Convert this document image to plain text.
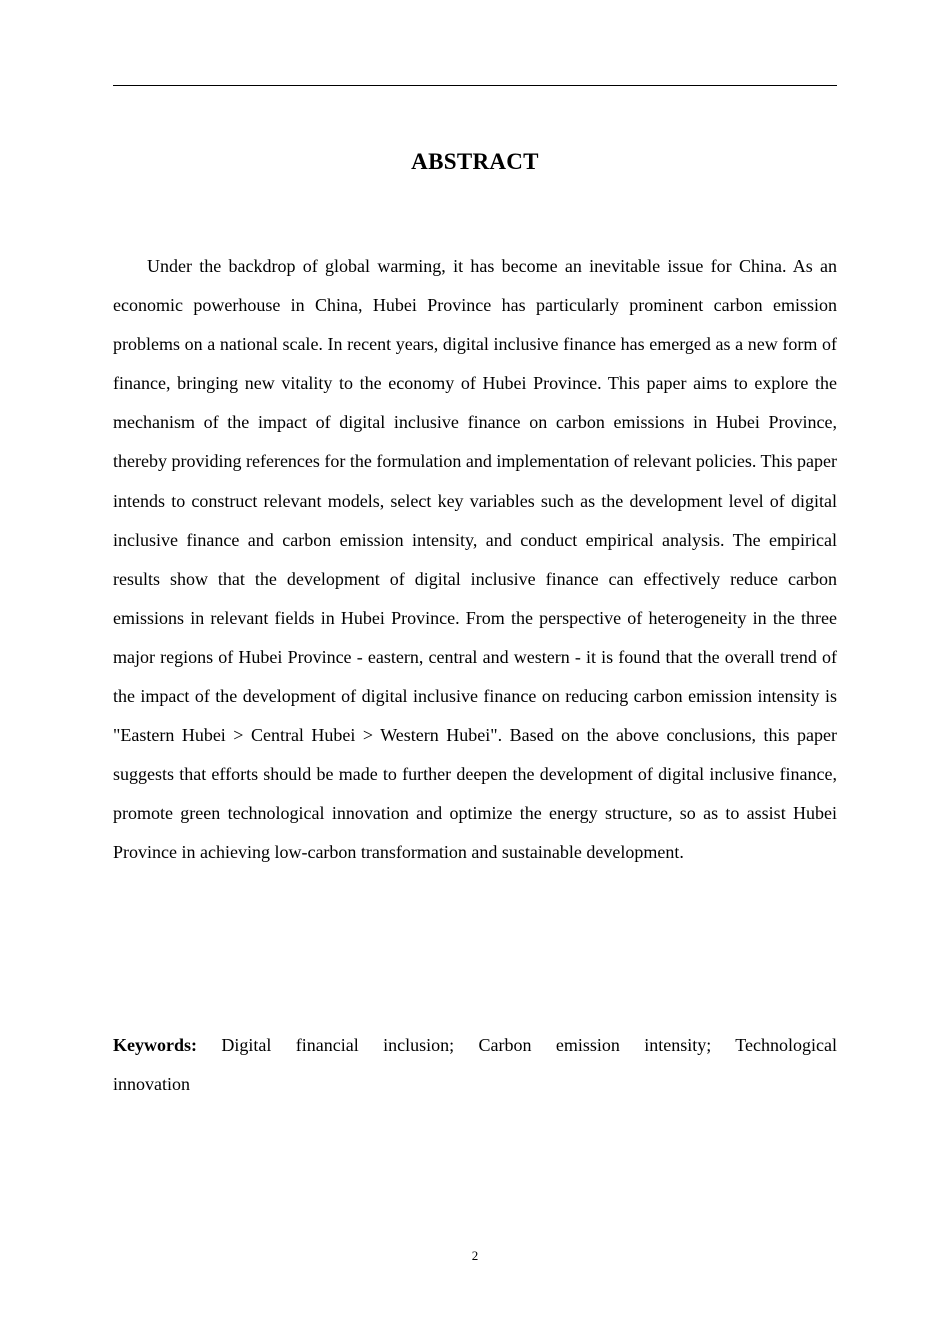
ABSTRACT

Under the backdrop of global warming, it has become an inevitable issue for China. As an economic powerhouse in China, Hubei Province has particularly prominent carbon emission problems on a national scale. In recent years, digital inclusive finance has emerged as a new form of finance, bringing new vitality to the economy of Hubei Province. This paper aims to explore the mechanism of the impact of digital inclusive finance on carbon emissions in Hubei Province, thereby providing references for the formulation and implementation of relevant policies. This paper intends to construct relevant models, select key variables such as the development level of digital inclusive finance and carbon emission intensity, and conduct empirical analysis. The empirical results show that the development of digital inclusive finance can effectively reduce carbon emissions in relevant fields in Hubei Province. From the perspective of heterogeneity in the three major regions of Hubei Province - eastern, central and western - it is found that the overall trend of the impact of the development of digital inclusive finance on reducing carbon emission intensity is "Eastern Hubei > Central Hubei > Western Hubei". Based on the above conclusions, this paper suggests that efforts should be made to further deepen the development of digital inclusive finance, promote green technological innovation and optimize the energy structure, so as to assist Hubei Province in achieving low-carbon transformation and sustainable development.

Keywords: Digital financial inclusion; Carbon emission intensity; Technological innovation

2
